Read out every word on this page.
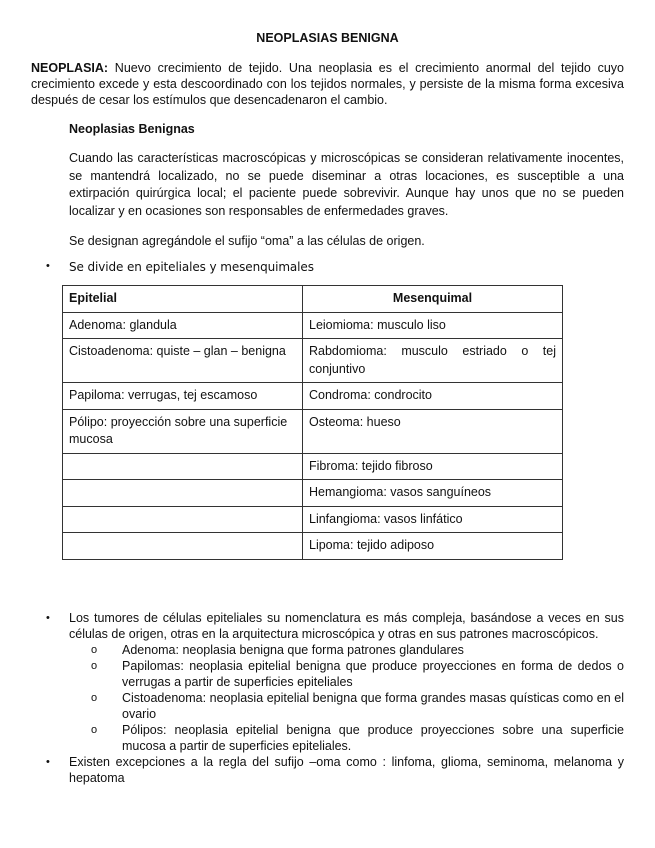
NEOPLASIAS BENIGNA
NEOPLASIA: Nuevo crecimiento de tejido. Una neoplasia es el crecimiento anormal del tejido cuyo crecimiento excede y esta descoordinado con los tejidos normales, y persiste de la misma forma excesiva después de cesar los estímulos que desencadenaron el cambio.
Neoplasias Benignas
Cuando las características macroscópicas y microscópicas se consideran relativamente inocentes, se mantendrá localizado, no se puede diseminar a otras locaciones, es susceptible a una extirpación quirúrgica local; el paciente puede sobrevivir. Aunque hay unos que no se pueden localizar y en ocasiones son responsables de enfermedades graves.
Se designan agregándole el sufijo “oma” a las células de origen.
• Se divide en epiteliales y mesenquimales
Epitelial	Mesenquimal
Adenoma: glandula	Leiomioma: musculo liso
Cistoadenoma: quiste – glan – benigna	Rabdomioma: musculo estriado o tej conjuntivo
Papiloma: verrugas, tej escamoso	Condroma: condrocito
Pólipo: proyección sobre una superficie mucosa	Osteoma: hueso
	Fibroma: tejido fibroso
	Hemangioma: vasos sanguíneos
	Linfangioma: vasos linfático
	Lipoma: tejido adiposo
• Los tumores de células epiteliales su nomenclatura es más compleja, basándose a veces en sus células de origen, otras en la arquitectura microscópica y otras en sus patrones macroscópicos.
o Adenoma: neoplasia benigna que forma patrones glandulares
o Papilomas: neoplasia epitelial benigna que produce proyecciones en forma de dedos o verrugas a partir de superficies epiteliales
o Cistoadenoma: neoplasia epitelial benigna que forma grandes masas quísticas como en el ovario
o Pólipos: neoplasia epitelial benigna que produce proyecciones sobre una superficie mucosa a partir de superficies epiteliales.
• Existen excepciones a la regla del sufijo –oma como : linfoma, glioma, seminoma, melanoma y hepatoma
